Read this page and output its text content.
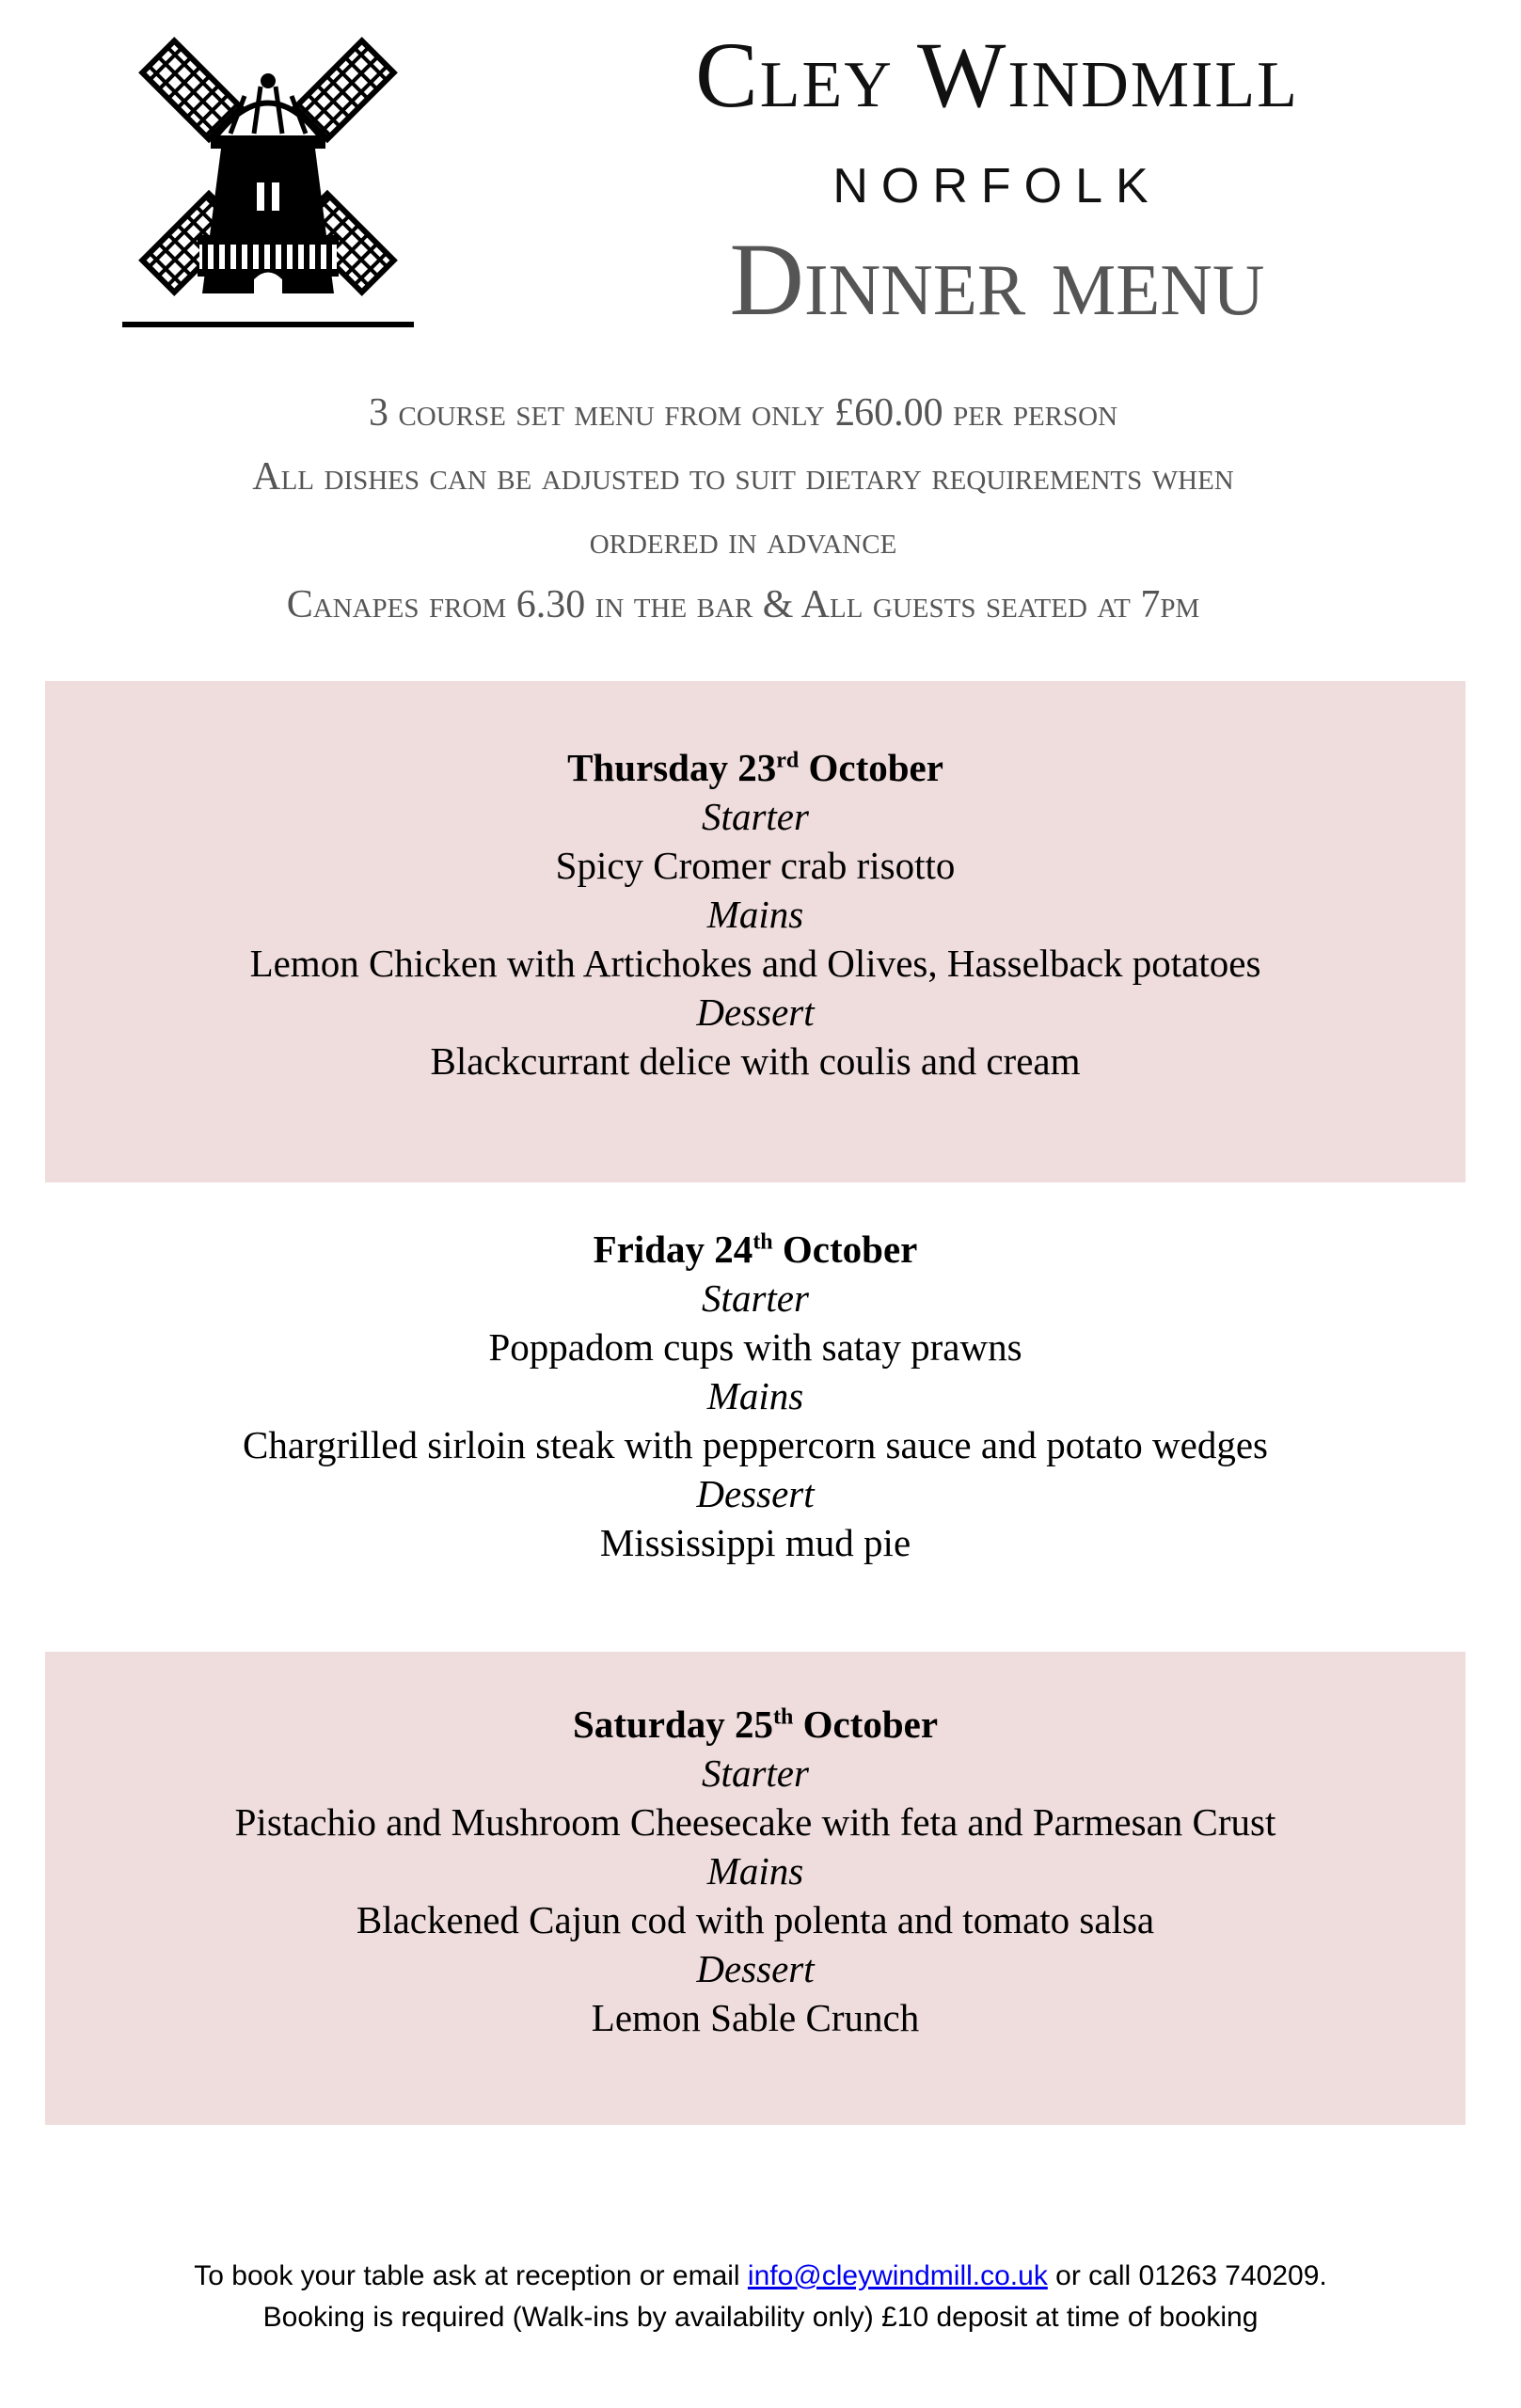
Cley Windmill
NORFOLK
Dinner menu
3 course set menu from only £60.00 per person
All dishes can be adjusted to suit dietary requirements when
ordered in advance
Canapes from 6.30 in the bar & All guests seated at 7pm
Thursday 23rd October
Starter
Spicy Cromer crab risotto
Mains
Lemon Chicken with Artichokes and Olives, Hasselback potatoes
Dessert
Blackcurrant delice with coulis and cream
Friday 24th October
Starter
Poppadom cups with satay prawns
Mains
Chargrilled sirloin steak with peppercorn sauce and potato wedges
Dessert
Mississippi mud pie
Saturday 25th October
Starter
Pistachio and Mushroom Cheesecake with feta and Parmesan Crust
Mains
Blackened Cajun cod with polenta and tomato salsa
Dessert
Lemon Sable Crunch
To book your table ask at reception or email info@cleywindmill.co.uk or call 01263 740209.
Booking is required (Walk-ins by availability only) £10 deposit at time of booking
